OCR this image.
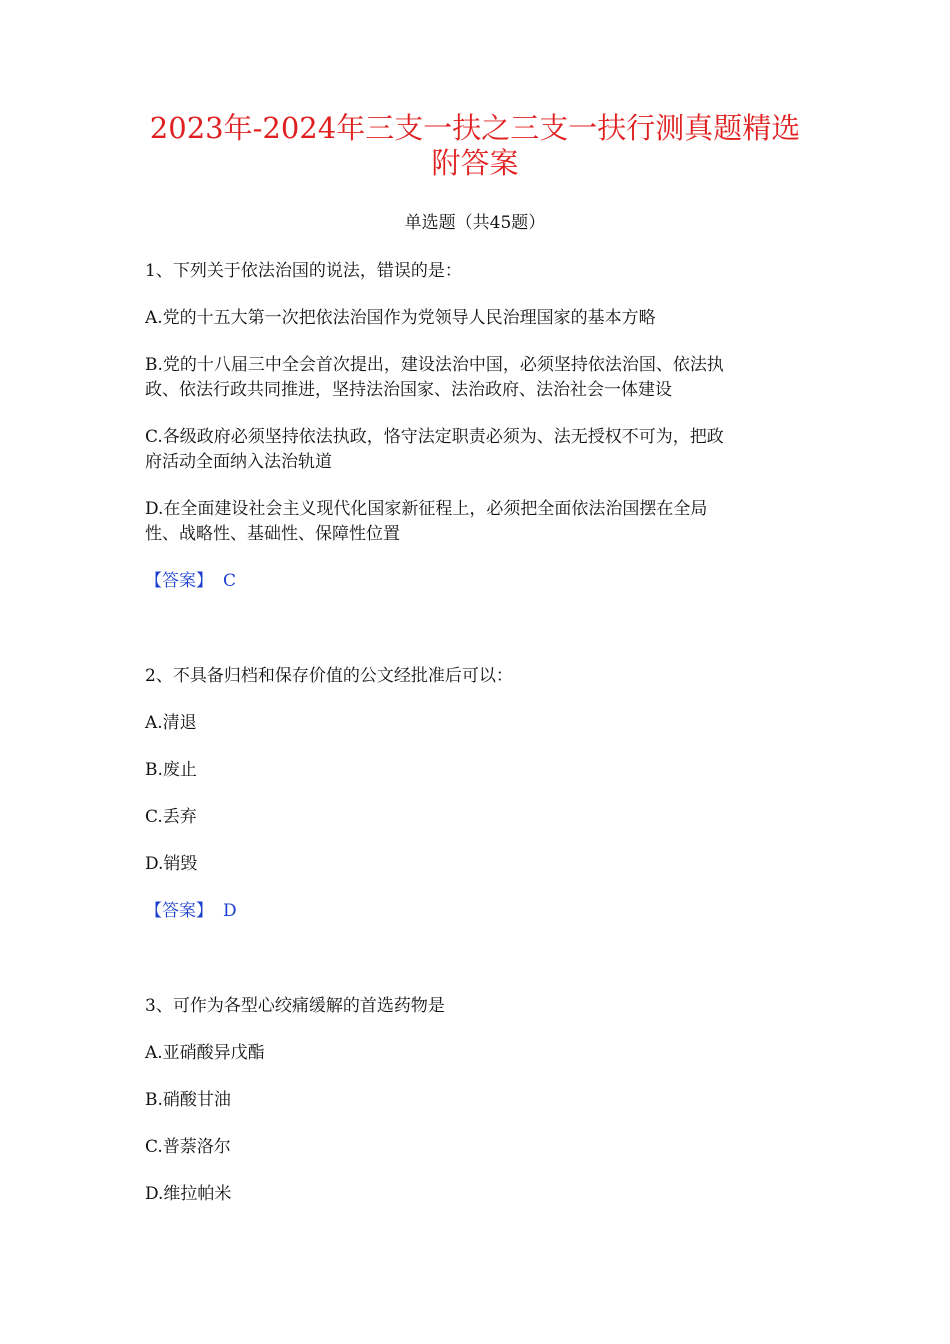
2023年-2024年三支一扶之三支一扶行测真题精选
附答案
单选题（共45题）
1、下列关于依法治国的说法，错误的是：
A.党的十五大第一次把依法治国作为党领导人民治理国家的基本方略
B.党的十八届三中全会首次提出，建设法治中国，必须坚持依法治国、依法执
政、依法行政共同推进，坚持法治国家、法治政府、法治社会一体建设
C.各级政府必须坚持依法执政，恪守法定职责必须为、法无授权不可为，把政
府活动全面纳入法治轨道
D.在全面建设社会主义现代化国家新征程上，必须把全面依法治国摆在全局
性、战略性、基础性、保障性位置
【答案】 C
2、不具备归档和保存价值的公文经批准后可以：
A.清退
B.废止
C.丢弃
D.销毁
【答案】 D
3、可作为各型心绞痛缓解的首选药物是
A.亚硝酸异戊酯
B.硝酸甘油
C.普萘洛尔
D.维拉帕米
